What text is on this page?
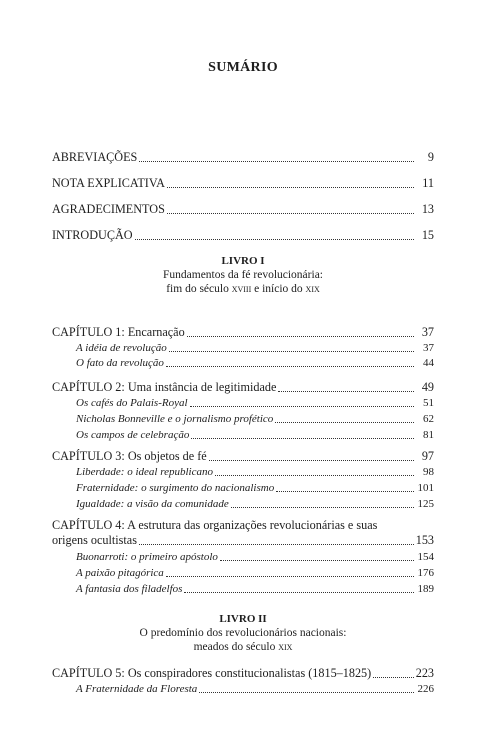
SUMÁRIO
ABREVIAÇÕES	9
NOTA EXPLICATIVA	11
AGRADECIMENTOS	13
INTRODUÇÃO	15
LIVRO I
Fundamentos da fé revolucionária:
fim do século xviii e início do xix
CAPÍTULO 1: Encarnação	37
A idéia de revolução	37
O fato da revolução	44
CAPÍTULO 2: Uma instância de legitimidade	49
Os cafés do Palais-Royal	51
Nicholas Bonneville e o jornalismo profético	62
Os campos de celebração	81
CAPÍTULO 3: Os objetos de fé	97
Liberdade: o ideal republicano	98
Fraternidade: o surgimento do nacionalismo	101
Igualdade: a visão da comunidade	125
CAPÍTULO 4: A estrutura das organizações revolucionárias e suas
origens ocultistas	153
Buonarroti: o primeiro apóstolo	154
A paixão pitagórica	176
A fantasia dos filadelfos	189
LIVRO II
O predomínio dos revolucionários nacionais:
meados do século xix
CAPÍTULO 5: Os conspiradores constitucionalistas (1815–1825)	223
A Fraternidade da Floresta	226
